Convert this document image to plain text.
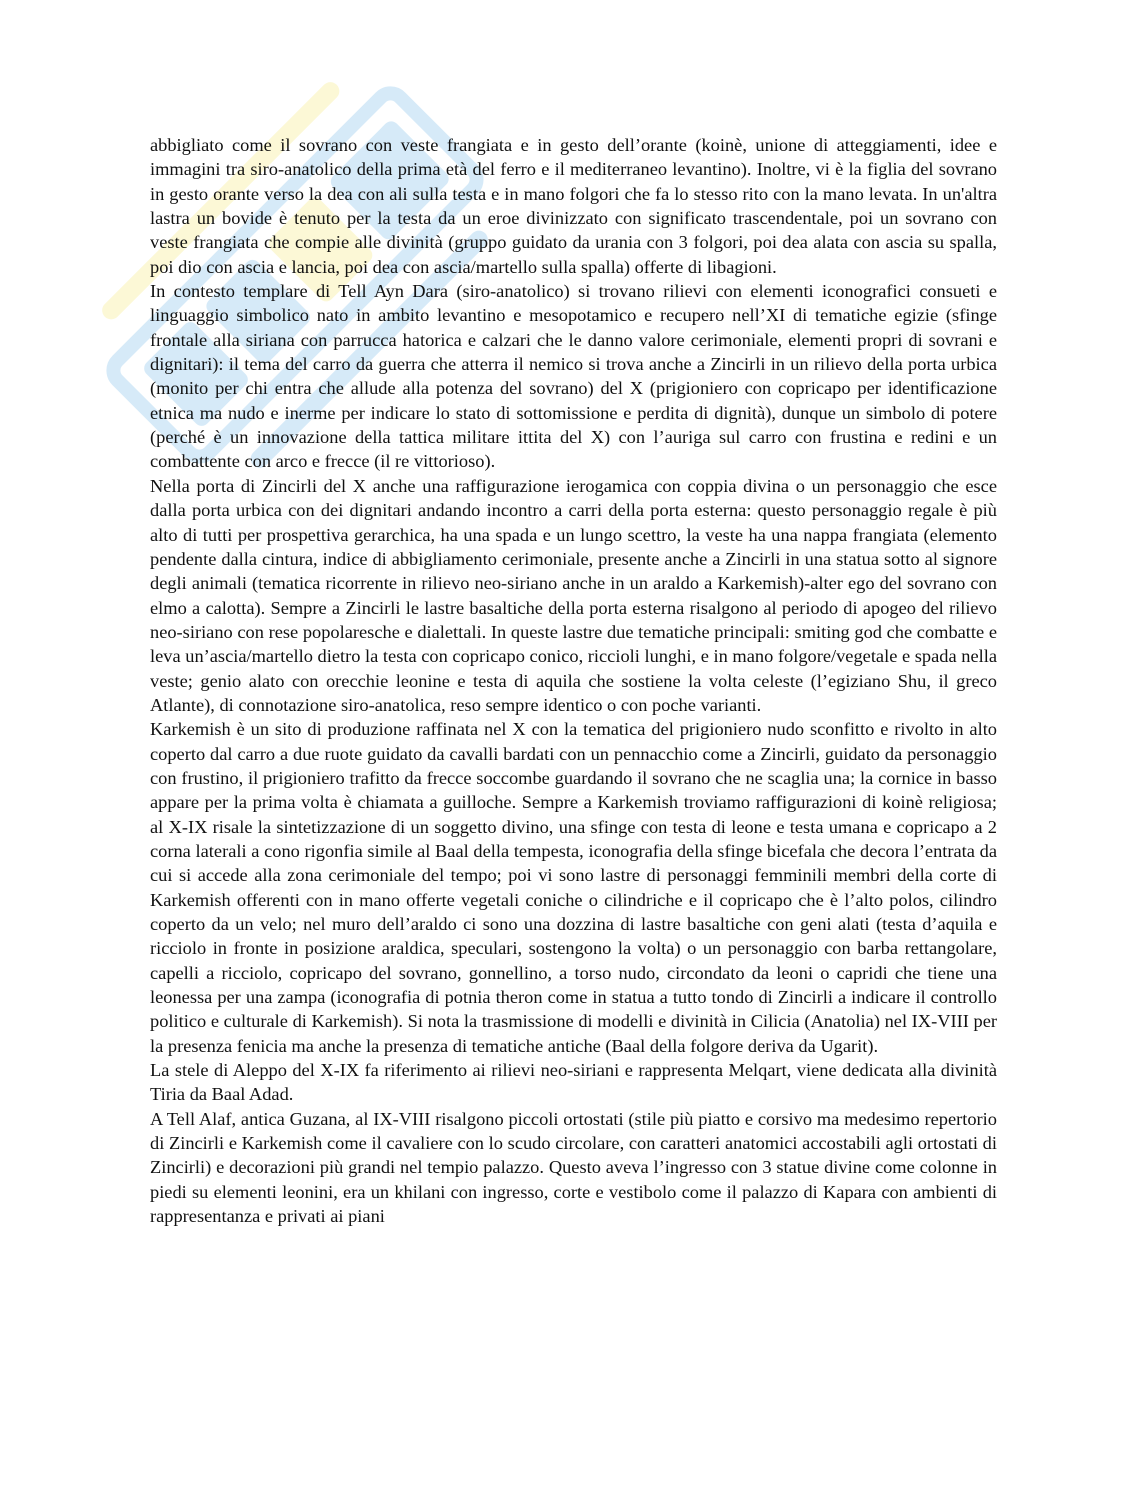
abbigliato come il sovrano con veste frangiata e in gesto dell’orante (koinè, unione di atteggiamenti, idee e immagini tra siro-anatolico della prima età del ferro e il mediterraneo levantino). Inoltre, vi è la figlia del sovrano in gesto orante verso la dea con ali sulla testa e in mano folgori che fa lo stesso rito con la mano levata. In un'altra lastra un bovide è tenuto per la testa da un eroe divinizzato con significato trascendentale, poi un sovrano con veste frangiata che compie alle divinità (gruppo guidato da urania con 3 folgori, poi dea alata con ascia su spalla, poi dio con ascia e lancia, poi dea con ascia/martello sulla spalla) offerte di libagioni.

In contesto templare di Tell Ayn Dara (siro-anatolico) si trovano rilievi con elementi iconografici consueti e linguaggio simbolico nato in ambito levantino e mesopotamico e recupero nell’XI di tematiche egizie (sfinge frontale alla siriana con parrucca hatorica e calzari che le danno valore cerimoniale, elementi propri di sovrani e dignitari): il tema del carro da guerra che atterra il nemico si trova anche a Zincirli in un rilievo della porta urbica (monito per chi entra che allude alla potenza del sovrano) del X (prigioniero con copricapo per identificazione etnica ma nudo e inerme per indicare lo stato di sottomissione e perdita di dignità), dunque un simbolo di potere (perché è un innovazione della tattica militare ittita del X) con l’auriga sul carro con frustina e redini e un combattente con arco e frecce (il re vittorioso).

Nella porta di Zincirli del X anche una raffigurazione ierogamica con coppia divina o un personaggio che esce dalla porta urbica con dei dignitari andando incontro a carri della porta esterna: questo personaggio regale è più alto di tutti per prospettiva gerarchica, ha una spada e un lungo scettro, la veste ha una nappa frangiata (elemento pendente dalla cintura, indice di abbigliamento cerimoniale, presente anche a Zincirli in una statua sotto al signore degli animali (tematica ricorrente in rilievo neo-siriano anche in un araldo a Karkemish)-alter ego del sovrano con elmo a calotta). Sempre a Zincirli le lastre basaltiche della porta esterna risalgono al periodo di apogeo del rilievo neo-siriano con rese popolaresche e dialettali. In queste lastre due tematiche principali: smiting god che combatte e leva un’ascia/martello dietro la testa con copricapo conico, riccioli lunghi, e in mano folgore/vegetale e spada nella veste; genio alato con orecchie leonine e testa di aquila che sostiene la volta celeste (l’egiziano Shu, il greco Atlante), di connotazione siro-anatolica, reso sempre identico o con poche varianti.

Karkemish è un sito di produzione raffinata nel X con la tematica del prigioniero nudo sconfitto e rivolto in alto coperto dal carro a due ruote guidato da cavalli bardati con un pennacchio come a Zincirli, guidato da personaggio con frustino, il prigioniero trafitto da frecce soccombe guardando il sovrano che ne scaglia una; la cornice in basso appare per la prima volta è chiamata a guilloche. Sempre a Karkemish troviamo raffigurazioni di koinè religiosa; al X-IX risale la sintetizzazione di un soggetto divino, una sfinge con testa di leone e testa umana e copricapo a 2 corna laterali a cono rigonfia simile al Baal della tempesta, iconografia della sfinge bicefala che decora l’entrata da cui si accede alla zona cerimoniale del tempo; poi vi sono lastre di personaggi femminili membri della corte di Karkemish offerenti con in mano offerte vegetali coniche o cilindriche e il copricapo che è l’alto polos, cilindro coperto da un velo; nel muro dell’araldo ci sono una dozzina di lastre basaltiche con geni alati (testa d’aquila e ricciolo in fronte in posizione araldica, speculari, sostengono la volta) o un personaggio con barba rettangolare, capelli a ricciolo, copricapo del sovrano, gonnellino, a torso nudo, circondato da leoni o capridi che tiene una leonessa per una zampa (iconografia di potnia theron come in statua a tutto tondo di Zincirli a indicare il controllo politico e culturale di Karkemish). Si nota la trasmissione di modelli e divinità in Cilicia (Anatolia) nel IX-VIII per la presenza fenicia ma anche la presenza di tematiche antiche (Baal della folgore deriva da Ugarit).

La stele di Aleppo del X-IX fa riferimento ai rilievi neo-siriani e rappresenta Melqart, viene dedicata alla divinità Tiria da Baal Adad.

A Tell Alaf, antica Guzana, al IX-VIII risalgono piccoli ortostati (stile più piatto e corsivo ma medesimo repertorio di Zincirli e Karkemish come il cavaliere con lo scudo circolare, con caratteri anatomici accostabili agli ortostati di Zincirli) e decorazioni più grandi nel tempio palazzo. Questo aveva l’ingresso con 3 statue divine come colonne in piedi su elementi leonini, era un khilani con ingresso, corte e vestibolo come il palazzo di Kapara con ambienti di rappresentanza e privati ai piani
